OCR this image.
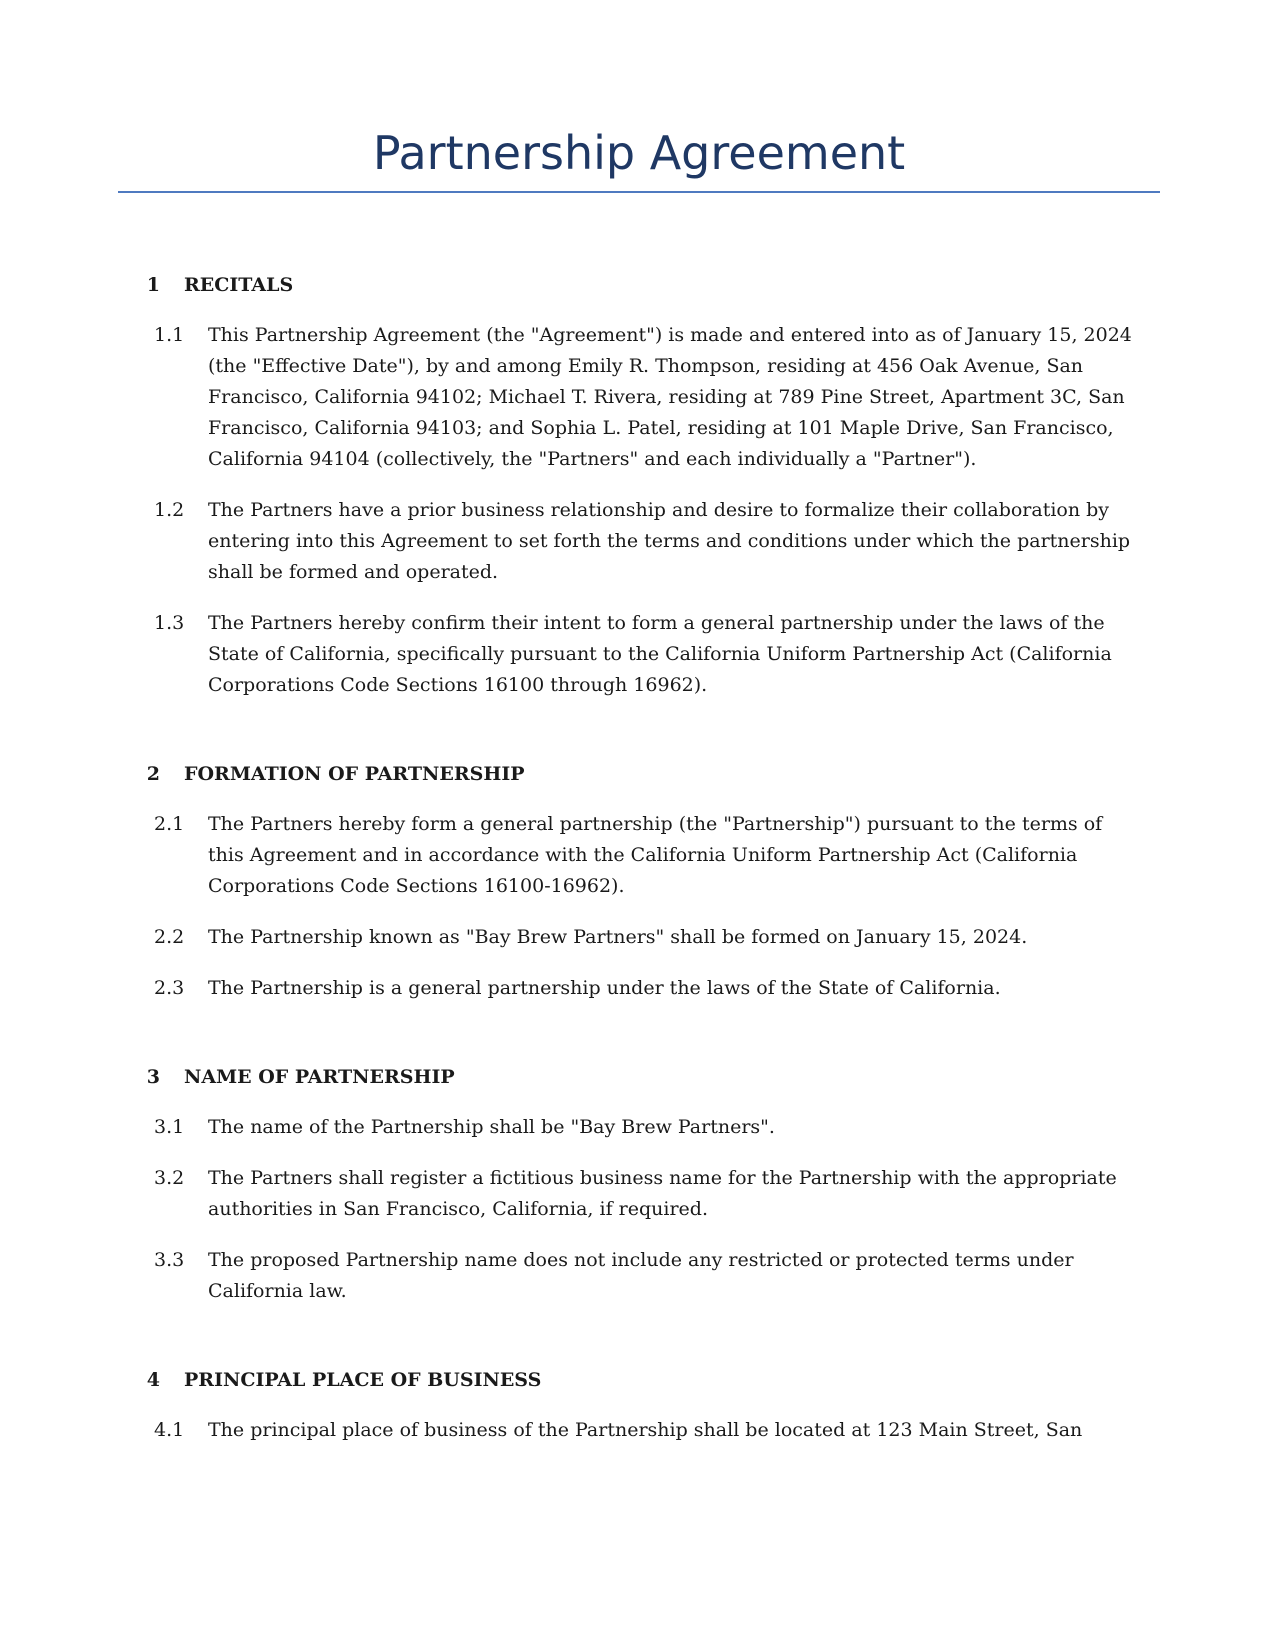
Partnership Agreement
1	RECITALS
1.1	This Partnership Agreement (the "Agreement") is made and entered into as of January 15, 2024 (the "Effective Date"), by and among Emily R. Thompson, residing at 456 Oak Avenue, San Francisco, California 94102; Michael T. Rivera, residing at 789 Pine Street, Apartment 3C, San Francisco, California 94103; and Sophia L. Patel, residing at 101 Maple Drive, San Francisco, California 94104 (collectively, the "Partners" and each individually a "Partner").
1.2	The Partners have a prior business relationship and desire to formalize their collaboration by entering into this Agreement to set forth the terms and conditions under which the partnership shall be formed and operated.
1.3	The Partners hereby confirm their intent to form a general partnership under the laws of the State of California, specifically pursuant to the California Uniform Partnership Act (California Corporations Code Sections 16100 through 16962).
2	FORMATION OF PARTNERSHIP
2.1	The Partners hereby form a general partnership (the "Partnership") pursuant to the terms of this Agreement and in accordance with the California Uniform Partnership Act (California Corporations Code Sections 16100-16962).
2.2	The Partnership known as "Bay Brew Partners" shall be formed on January 15, 2024.
2.3	The Partnership is a general partnership under the laws of the State of California.
3	NAME OF PARTNERSHIP
3.1	The name of the Partnership shall be "Bay Brew Partners".
3.2	The Partners shall register a fictitious business name for the Partnership with the appropriate authorities in San Francisco, California, if required.
3.3	The proposed Partnership name does not include any restricted or protected terms under California law.
4	PRINCIPAL PLACE OF BUSINESS
4.1	The principal place of business of the Partnership shall be located at 123 Main Street, San
